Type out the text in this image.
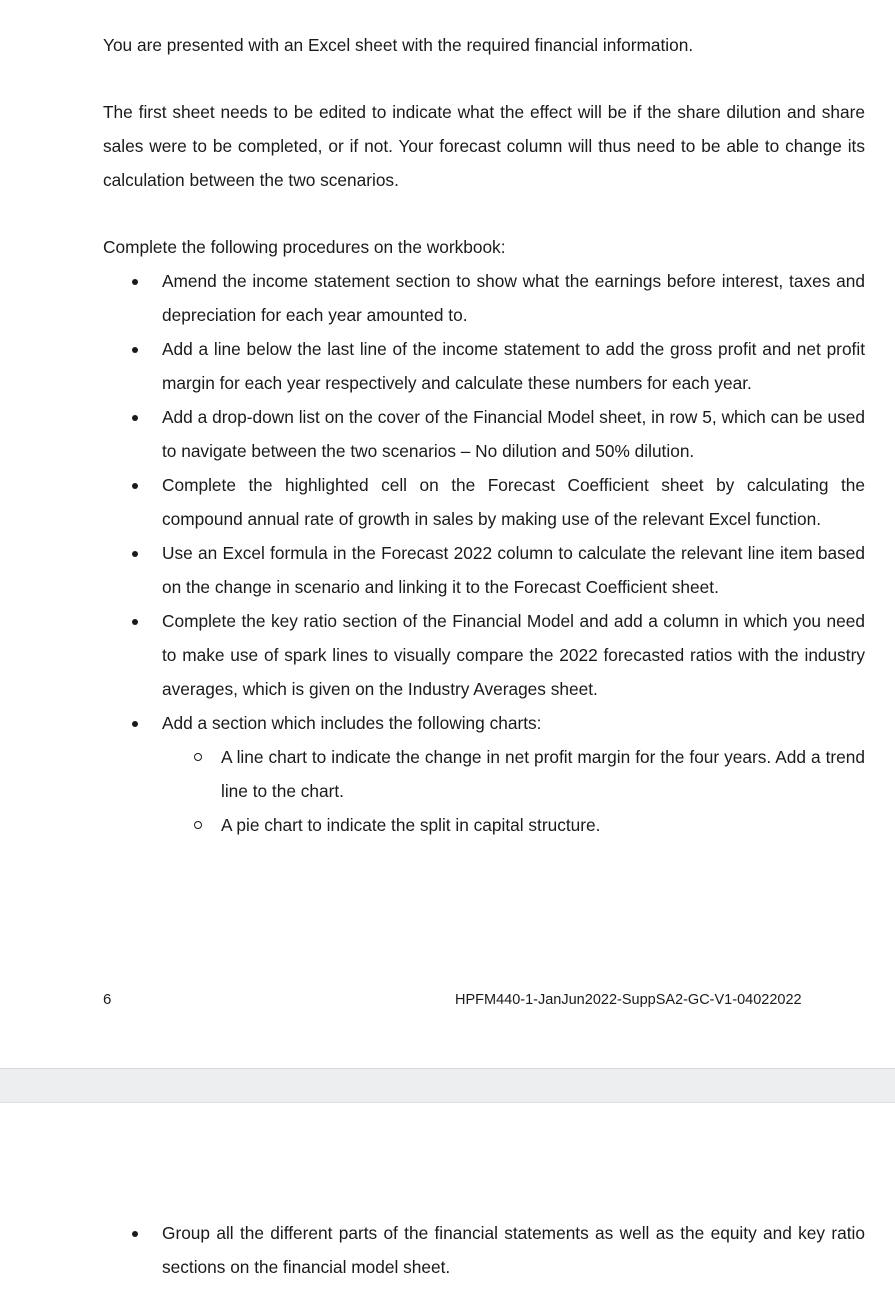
You are presented with an Excel sheet with the required financial information.

The first sheet needs to be edited to indicate what the effect will be if the share dilution and share sales were to be completed, or if not. Your forecast column will thus need to be able to change its calculation between the two scenarios.

Complete the following procedures on the workbook:

Amend the income statement section to show what the earnings before interest, taxes and depreciation for each year amounted to.
Add a line below the last line of the income statement to add the gross profit and net profit margin for each year respectively and calculate these numbers for each year.
Add a drop-down list on the cover of the Financial Model sheet, in row 5, which can be used to navigate between the two scenarios – No dilution and 50% dilution.
Complete the highlighted cell on the Forecast Coefficient sheet by calculating the compound annual rate of growth in sales by making use of the relevant Excel function.
Use an Excel formula in the Forecast 2022 column to calculate the relevant line item based on the change in scenario and linking it to the Forecast Coefficient sheet.
Complete the key ratio section of the Financial Model and add a column in which you need to make use of spark lines to visually compare the 2022 forecasted ratios with the industry averages, which is given on the Industry Averages sheet.
Add a section which includes the following charts:
A line chart to indicate the change in net profit margin for the four years. Add a trend line to the chart.
A pie chart to indicate the split in capital structure.
6	HPFM440-1-JanJun2022-SuppSA2-GC-V1-04022022
Group all the different parts of the financial statements as well as the equity and key ratio sections on the financial model sheet.
